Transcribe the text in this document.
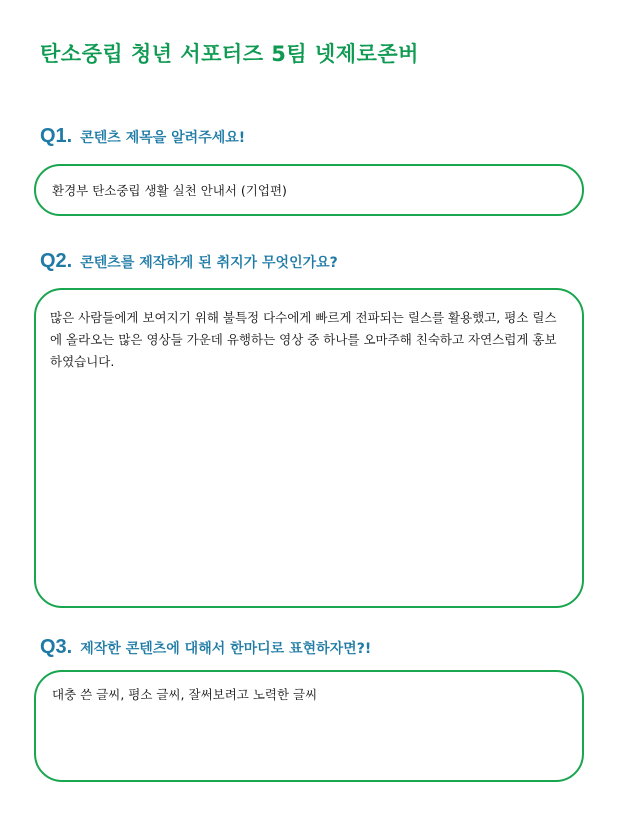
탄소중립 청년 서포터즈 5팀 넷제로존버
Q1. 콘텐츠 제목을 알려주세요!

환경부 탄소중립 생활 실천 안내서 (기업편)

Q2. 콘텐츠를 제작하게 된 취지가 무엇인가요?

많은 사람들에게 보여지기 위해 불특정 다수에게 빠르게 전파되는 릴스를 활용했고, 평소 릴스에 올라오는 많은 영상들 가운데 유행하는 영상 중 하나를 오마주해 친숙하고 자연스럽게 홍보하였습니다.

Q3. 제작한 콘텐츠에 대해서 한마디로 표현하자면?!

대충 쓴 글씨, 평소 글씨, 잘써보려고 노력한 글씨
